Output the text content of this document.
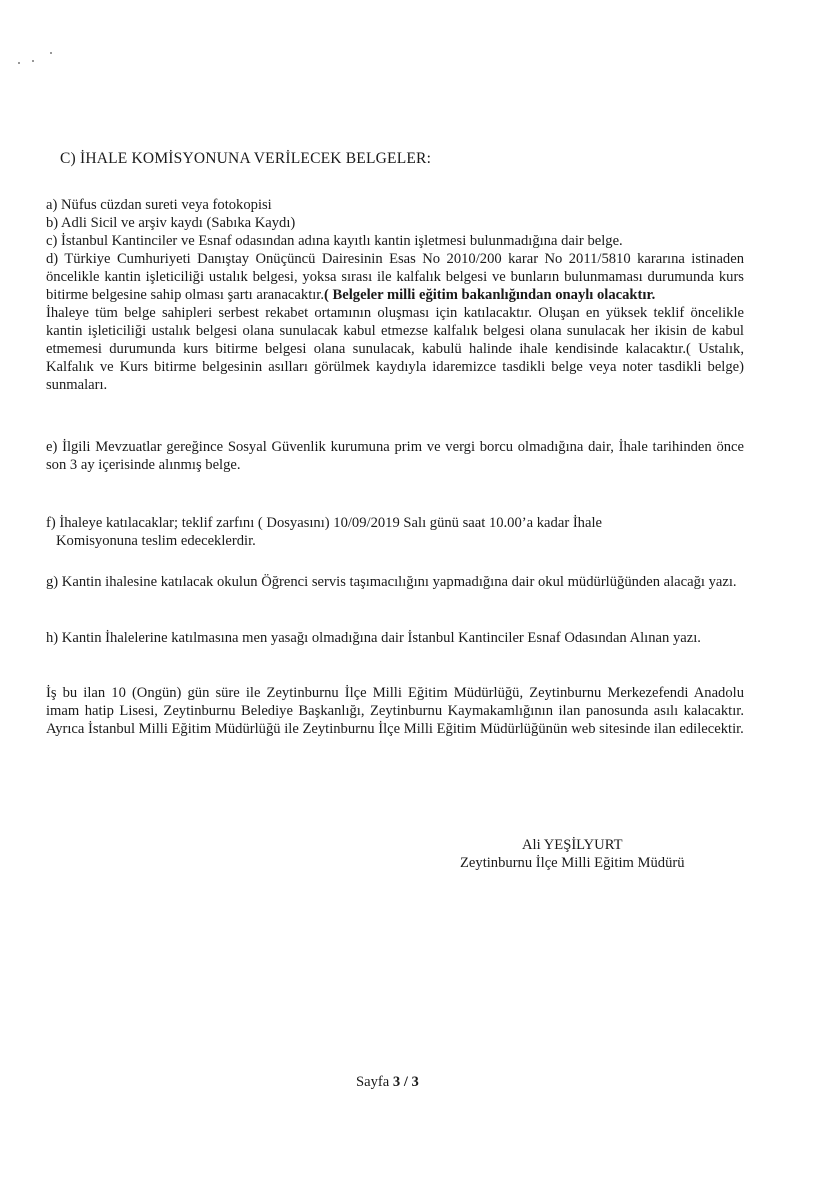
C) İHALE KOMİSYONUNA VERİLECEK BELGELER:

a) Nüfus cüzdan sureti veya fotokopisi

b) Adli Sicil ve arşiv kaydı (Sabıka Kaydı)

c) İstanbul Kantinciler ve Esnaf odasından adına kayıtlı kantin işletmesi bulunmadığına dair belge.

d) Türkiye Cumhuriyeti Danıştay Onüçüncü Dairesinin Esas No 2010/200 karar No 2011/5810 kararına istinaden öncelikle kantin işleticiliği ustalık belgesi, yoksa sırası ile kalfalık belgesi ve bunların bulunmaması durumunda kurs bitirme belgesine sahip olması şartı aranacaktır.( Belgeler milli eğitim bakanlığından onaylı olacaktır.

İhaleye tüm belge sahipleri serbest rekabet ortamının oluşması için katılacaktır. Oluşan en yüksek teklif öncelikle kantin işleticiliği ustalık belgesi olana sunulacak kabul etmezse kalfalık belgesi olana sunulacak her ikisin de kabul etmemesi durumunda kurs bitirme belgesi olana sunulacak, kabulü halinde ihale kendisinde kalacaktır.( Ustalık, Kalfalık ve Kurs bitirme belgesinin asılları görülmek kaydıyla idaremizce tasdikli belge veya noter tasdikli belge) sunmaları.

e) İlgili Mevzuatlar gereğince Sosyal Güvenlik kurumuna prim ve vergi borcu olmadığına dair, İhale tarihinden önce son 3 ay içerisinde alınmış belge.

f) İhaleye katılacaklar; teklif zarfını ( Dosyasını) 10/09/2019 Salı günü saat 10.00’a kadar İhale

Komisyonuna teslim edeceklerdir.

g) Kantin ihalesine katılacak okulun Öğrenci servis taşımacılığını yapmadığına dair okul müdürlüğünden alacağı yazı.
h) Kantin İhalelerine katılmasına men yasağı olmadığına dair İstanbul Kantinciler Esnaf Odasından Alınan yazı.
İş bu ilan 10 (Ongün) gün süre ile Zeytinburnu İlçe Milli Eğitim Müdürlüğü, Zeytinburnu Merkezefendi Anadolu imam hatip Lisesi, Zeytinburnu Belediye Başkanlığı, Zeytinburnu Kaymakamlığının ilan panosunda asılı kalacaktır. Ayrıca İstanbul Milli Eğitim Müdürlüğü ile Zeytinburnu İlçe Milli Eğitim Müdürlüğünün web sitesinde ilan edilecektir.
Ali YEŞİLYURT
Zeytinburnu İlçe Milli Eğitim Müdürü
Sayfa 3 / 3
